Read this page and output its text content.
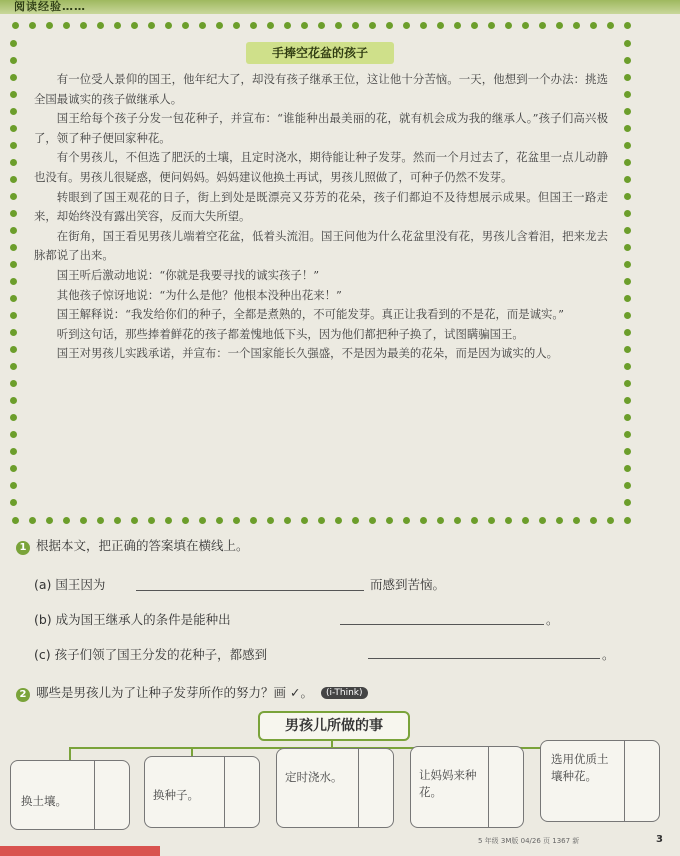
阅读经验……
手捧空花盆的孩子

有一位受人景仰的国王，他年纪大了，却没有孩子继承王位，这让他十分苦恼。一天，他想到一个办法：挑选全国最诚实的孩子做继承人。

国王给每个孩子分发一包花种子，并宣布：“谁能种出最美丽的花，就有机会成为我的继承人。”孩子们高兴极了，领了种子便回家种花。

有个男孩儿，不但选了肥沃的土壤，且定时浇水，期待能让种子发芽。然而一个月过去了，花盆里一点儿动静也没有。男孩儿很疑惑，便问妈妈。妈妈建议他换土再试，男孩儿照做了，可种子仍然不发芽。

转眼到了国王观花的日子，街上到处是既漂亮又芬芳的花朵，孩子们都迫不及待想展示成果。但国王一路走来，却始终没有露出笑容，反而大失所望。

在街角，国王看见男孩儿端着空花盆，低着头流泪。国王问他为什么花盆里没有花，男孩儿含着泪，把来龙去脉都说了出来。

国王听后激动地说：“你就是我要寻找的诚实孩子！”

其他孩子惊讶地说：“为什么是他？他根本没种出花来！”

国王解释说：“我发给你们的种子，全都是煮熟的，不可能发芽。真正让我看到的不是花，而是诚实。”

听到这句话，那些捧着鲜花的孩子都羞愧地低下头，因为他们都把种子换了，试图瞒骗国王。

国王对男孩儿实践承诺，并宣布：一个国家能长久强盛，不是因为最美的花朵，而是因为诚实的人。

1 根据本文，把正确的答案填在横线上。
(a) 国王因为	而感到苦恼。
(b) 成为国王继承人的条件是能种出	。
(c) 孩子们领了国王分发的花种子，都感到	。
2 哪些是男孩儿为了让种子发芽所作的努力？画 ✓。 (i-Think)
男孩儿所做的事
换土壤。	换种子。
定时浇水。	让妈妈来种花。
选用优质土壤种花。
5 年级 3M版 04/26 页 1367 新	3
